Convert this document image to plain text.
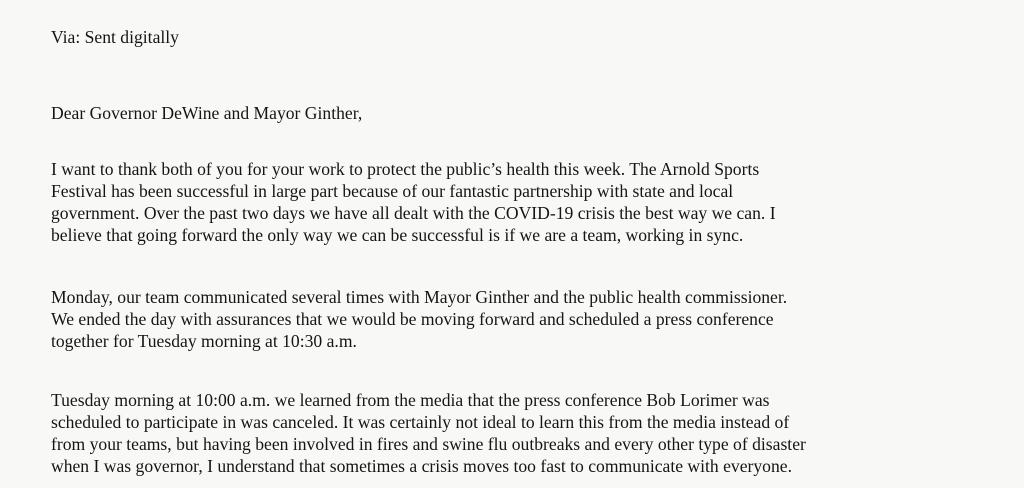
Via: Sent digitally

Dear Governor DeWine and Mayor Ginther,

I want to thank both of you for your work to protect the public’s health this week. The Arnold Sports
Festival has been successful in large part because of our fantastic partnership with state and local
government. Over the past two days we have all dealt with the COVID-19 crisis the best way we can. I
believe that going forward the only way we can be successful is if we are a team, working in sync.

Monday, our team communicated several times with Mayor Ginther and the public health commissioner.
We ended the day with assurances that we would be moving forward and scheduled a press conference
together for Tuesday morning at 10:30 a.m.

Tuesday morning at 10:00 a.m. we learned from the media that the press conference Bob Lorimer was
scheduled to participate in was canceled. It was certainly not ideal to learn this from the media instead of
from your teams, but having been involved in fires and swine flu outbreaks and every other type of disaster
when I was governor, I understand that sometimes a crisis moves too fast to communicate with everyone.
